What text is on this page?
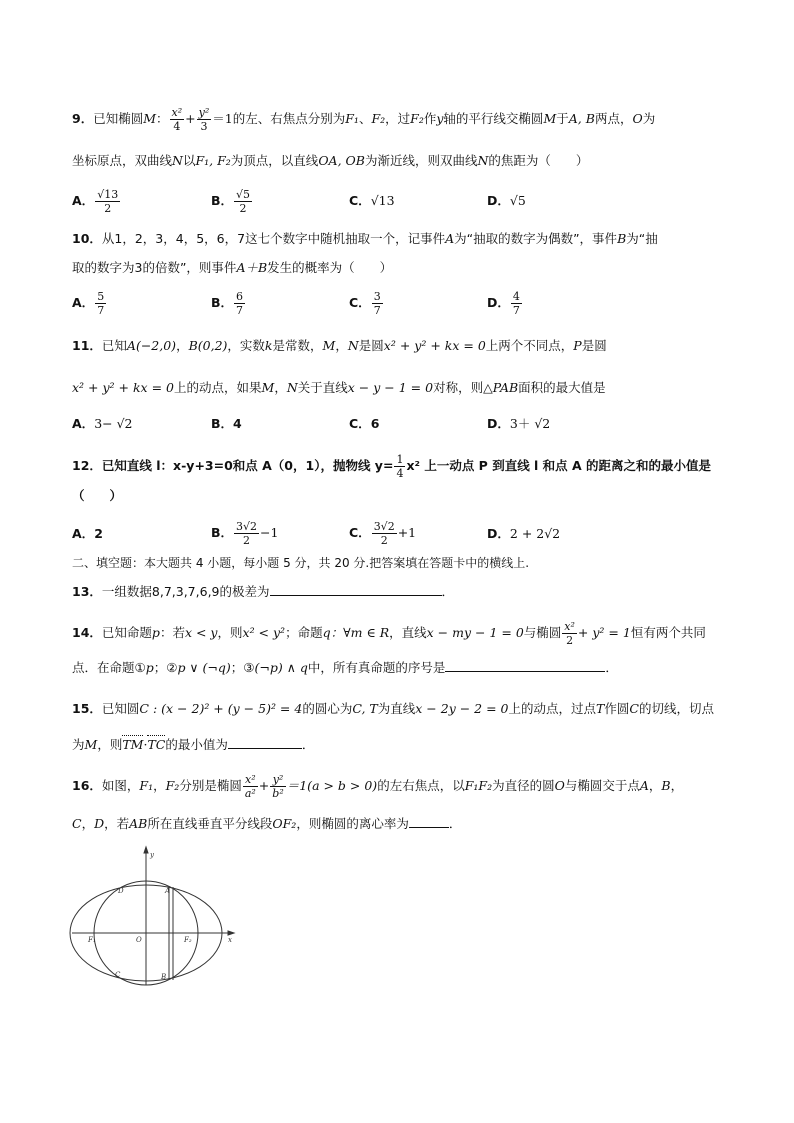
9．已知椭圆M： $\frac{\text{x²}}{4} + \frac{\text{y²}}{3} =1$的左、右焦点分别为F₁、F₂，过F₂作y轴的平行线交椭圆M于A, B两点，O为
坐标原点，双曲线N以F₁, F₂为顶点，以直线OA, OB为渐近线，则双曲线N的焦距为（　　）
A． $\frac{√13}{2}$	B． $\frac{√5}{2}$	C．√13	D．√5
10．从1，2，3，4，5，6，7这七个数字中随机抽取一个，记事件A为“抽取的数字为偶数”，事件B为“抽
取的数字为3的倍数”，则事件A＋B发生的概率为（　　）
A． $\frac{5}{7}$	B． $\frac{6}{7}$	C． $\frac{3}{7}$	D． $\frac{4}{7}$
11．已知A(−2,0)，B(0,2)，实数k是常数，M，N是圆x² + y² + kx = 0上两个不同点，P是圆
x² + y² + kx = 0上的动点，如果M，N关于直线x − y − 1 = 0对称，则△PAB面积的最大值是
A．3− √2	B．4	C．6	D．3＋ √2
12．已知直线 l：x-y+3=0和点 A（0，1），抛物线 $y= \frac{1}{4} x^2$ 上一动点 P 到直线 l 和点 A 的距离之和的最小值是
（　　）
A．2	B． $\frac{3√2}{2} -1$	C． $\frac{3√2}{2} +1$	D．2 + 2√2
二、填空题：本大题共 4 小题，每小题 5 分，共 20 分.把答案填在答题卡中的横线上.
13．一组数据8,7,3,7,6,9的极差为	．
14．已知命题p：若x < y，则x² < y²；命题q：∀m ∈ R，直线x − my − 1 = 0与椭圆 $\frac{\text{x²}}{2} + y^2 = 1$恒有两个共同
点．在命题①p；②p ∨ (¬q)；③(¬p) ∧ q中，所有真命题的序号是	．
15．已知圆C : (x − 2)² + (y − 5)² = 4的圆心为C, T为直线x − 2y − 2 = 0上的动点，过点T作圆C的切线，切点
为M，则TM·TC的最小值为	．
16．如图，F₁，F₂分别是椭圆 $\frac{\text{x²}}{\text{a²}} + \frac{\text{y²}}{\text{b²}} =1(a > b > 0)$的左右焦点，以F₁F₂为直径的圆O与椭圆交于点A，B，
C，D，若AB所在直线垂直平分线段OF₂，则椭圆的离心率为	．
y
x
O
F₁	F₂
A
B
C
D
